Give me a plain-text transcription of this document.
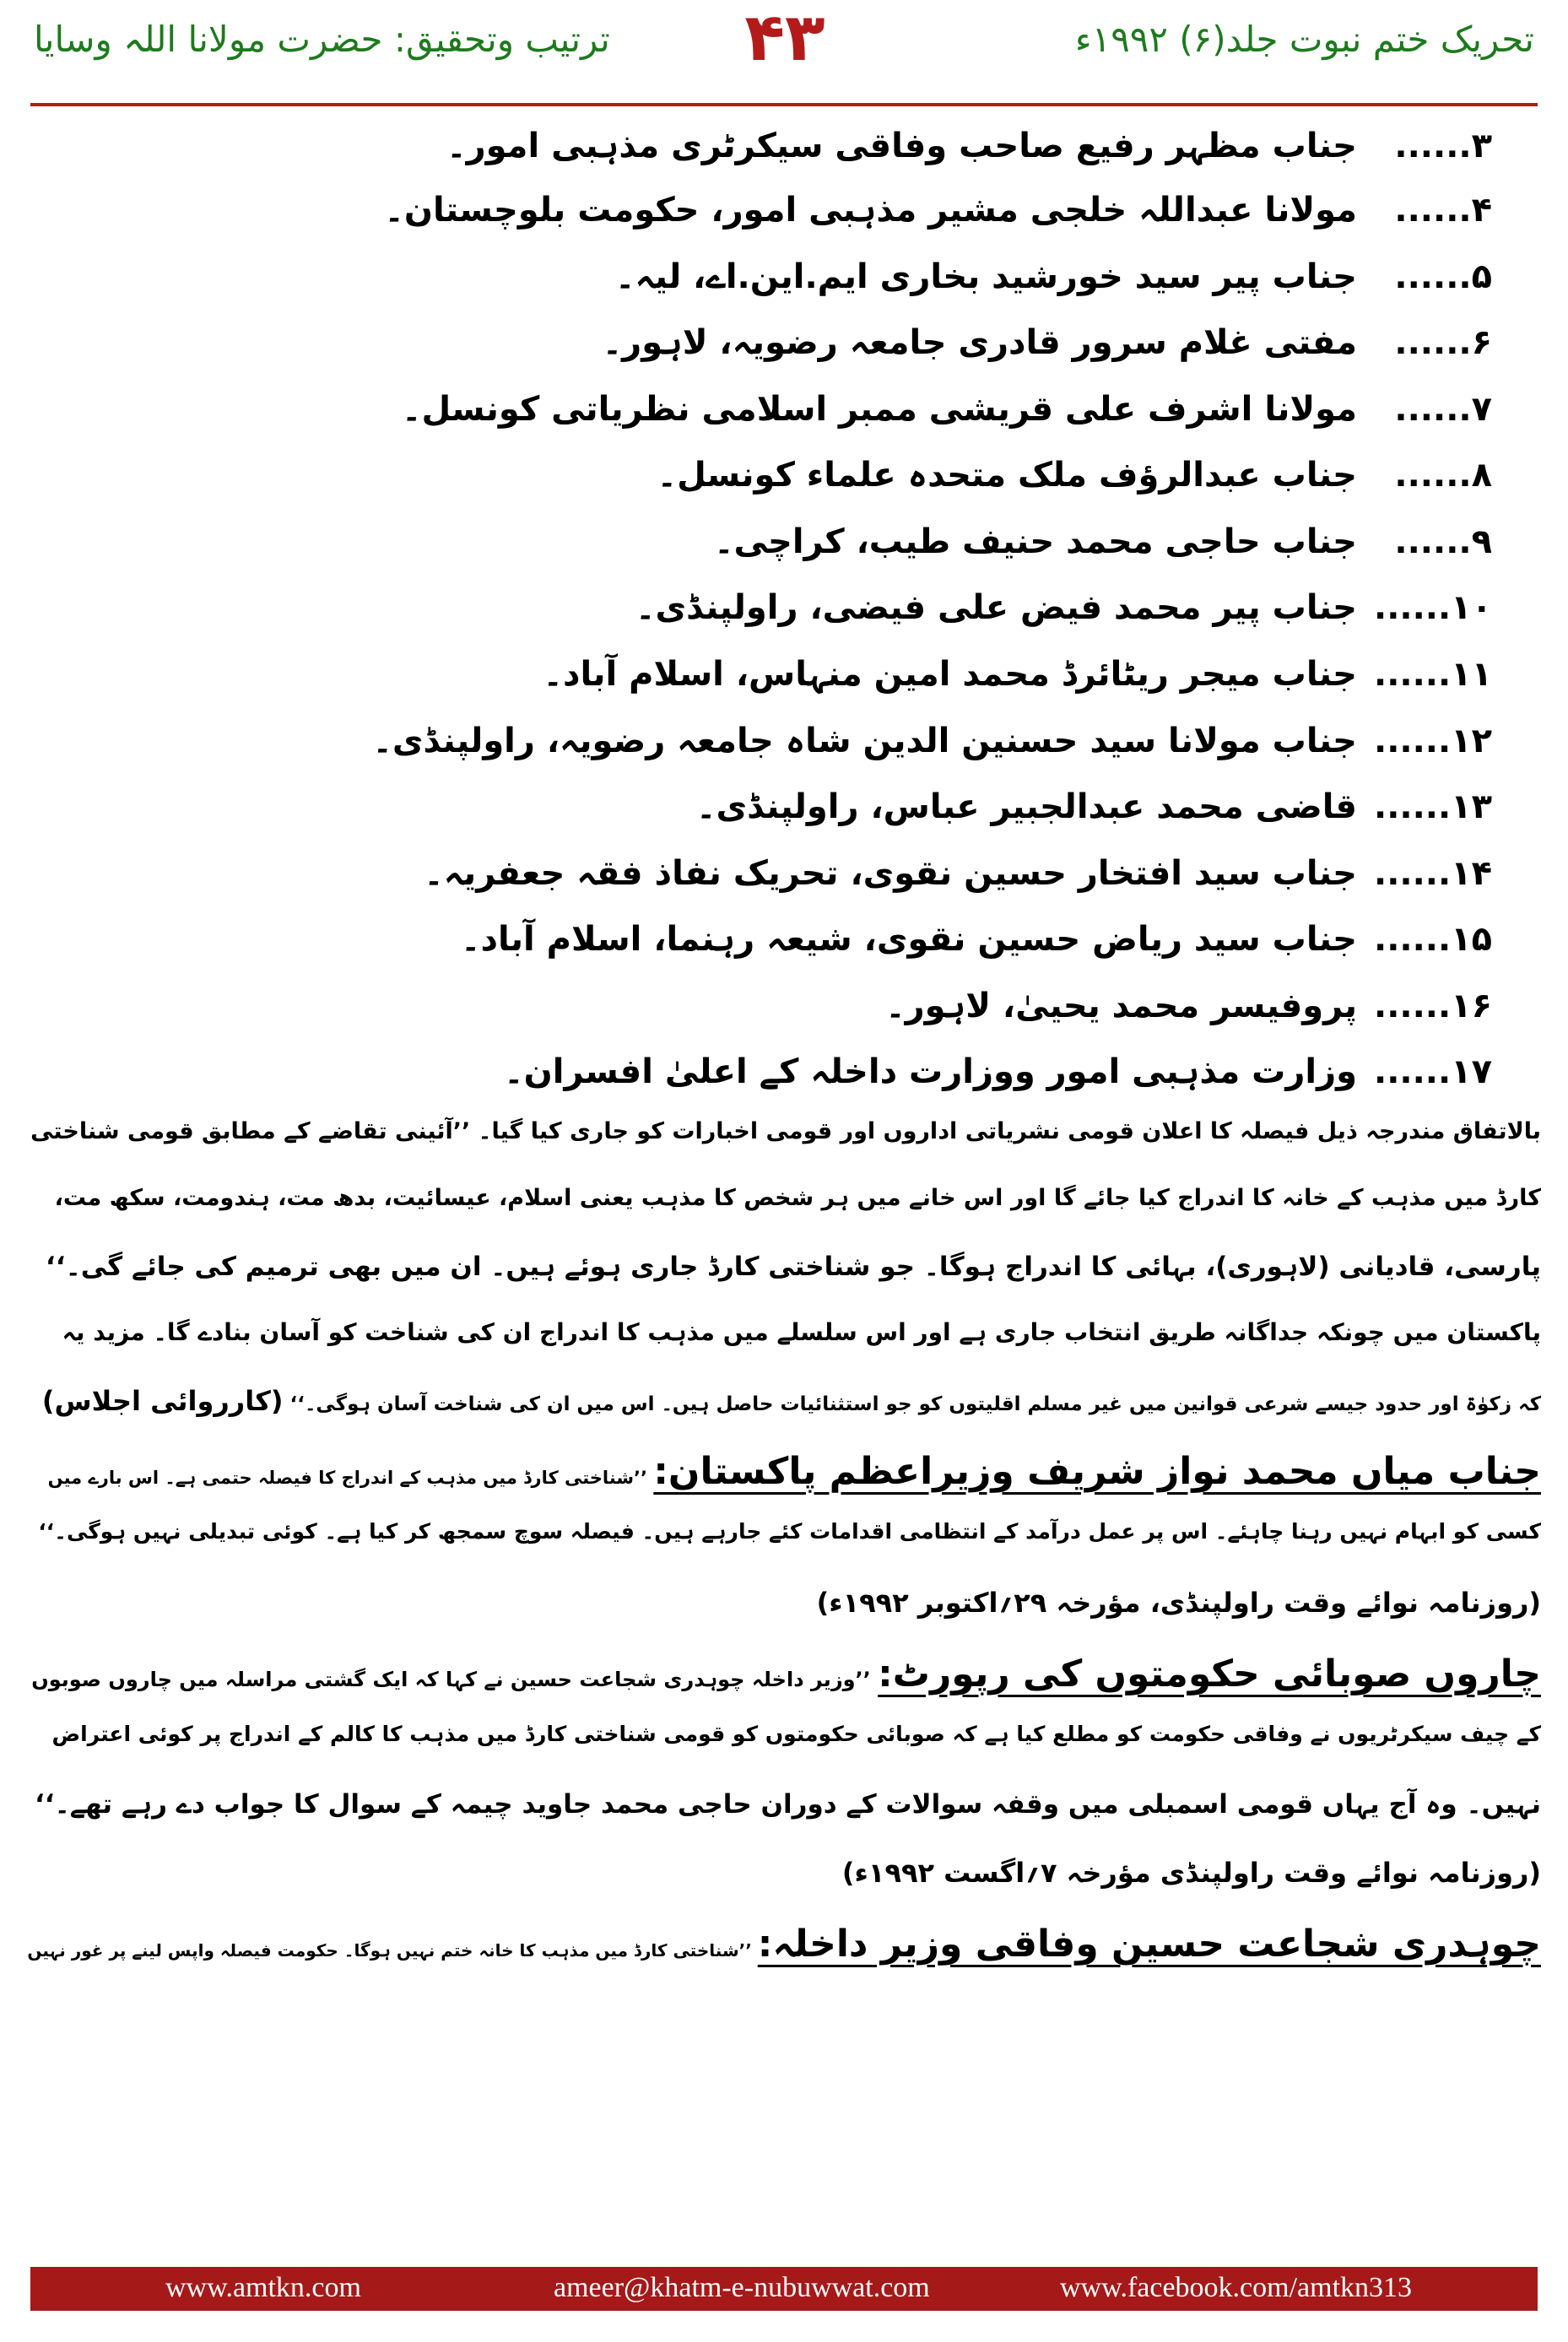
تحریک ختم نبوت جلد(۶) ۱۹۹۲ء
۴۳
ترتیب وتحقیق: حضرت مولانا اللہ وسایا
۳......
جناب مظہر رفیع صاحب وفاقی سیکرٹری مذہبی امور۔
۴......
مولانا عبداللہ خلجی مشیر مذہبی امور، حکومت بلوچستان۔
۵......
جناب پیر سید خورشید بخاری ایم.این.اے، لیہ۔
۶......
مفتی غلام سرور قادری جامعہ رضویہ، لاہور۔
۷......
مولانا اشرف علی قریشی ممبر اسلامی نظریاتی کونسل۔
۸......
جناب عبدالرؤف ملک متحدہ علماء کونسل۔
۹......
جناب حاجی محمد حنیف طیب، کراچی۔
۱۰......
جناب پیر محمد فیض علی فیضی، راولپنڈی۔
۱۱......
جناب میجر ریٹائرڈ محمد امین منہاس، اسلام آباد۔
۱۲......
جناب مولانا سید حسنین الدین شاہ جامعہ رضویہ، راولپنڈی۔
۱۳......
قاضی محمد عبدالجبیر عباس، راولپنڈی۔
۱۴......
جناب سید افتخار حسین نقوی، تحریک نفاذ فقہ جعفریہ۔
۱۵......
جناب سید ریاض حسین نقوی، شیعہ رہنما، اسلام آباد۔
۱۶......
پروفیسر محمد یحییٰ، لاہور۔
۱۷......
وزارت مذہبی امور ووزارت داخلہ کے اعلیٰ افسران۔
بالاتفاق مندرجہ ذیل فیصلہ کا اعلان قومی نشریاتی اداروں اور قومی اخبارات کو جاری کیا گیا۔ ’’آئینی تقاضے کے مطابق قومی شناختی
کارڈ میں مذہب کے خانہ کا اندراج کیا جائے گا اور اس خانے میں ہر شخص کا مذہب یعنی اسلام، عیسائیت، بدھ مت، ہندومت، سکھ مت،
پارسی، قادیانی (لاہوری)، بہائی کا اندراج ہوگا۔ جو شناختی کارڈ جاری ہوئے ہیں۔ ان میں بھی ترمیم کی جائے گی۔‘‘
پاکستان میں چونکہ جداگانہ طریق انتخاب جاری ہے اور اس سلسلے میں مذہب کا اندراج ان کی شناخت کو آسان بنادے گا۔ مزید یہ
کہ زکوٰۃ اور حدود جیسے شرعی قوانین میں غیر مسلم اقلیتوں کو جو استثنائیات حاصل ہیں۔ اس میں ان کی شناخت آسان ہوگی۔‘‘ (کارروائی اجلاس)
جناب میاں محمد نواز شریف وزیراعظم پاکستان: ’’شناختی کارڈ میں مذہب کے اندراج کا فیصلہ حتمی ہے۔ اس بارے میں
کسی کو ابہام نہیں رہنا چاہئے۔ اس پر عمل درآمد کے انتظامی اقدامات کئے جارہے ہیں۔ فیصلہ سوچ سمجھ کر کیا ہے۔ کوئی تبدیلی نہیں ہوگی۔‘‘
(روزنامہ نوائے وقت راولپنڈی، مؤرخہ ۲۹؍اکتوبر ۱۹۹۲ء)
چاروں صوبائی حکومتوں کی رپورٹ: ’’وزیر داخلہ چوہدری شجاعت حسین نے کہا کہ ایک گشتی مراسلہ میں چاروں صوبوں
کے چیف سیکرٹریوں نے وفاقی حکومت کو مطلع کیا ہے کہ صوبائی حکومتوں کو قومی شناختی کارڈ میں مذہب کا کالم کے اندراج پر کوئی اعتراض
نہیں۔ وہ آج یہاں قومی اسمبلی میں وقفہ سوالات کے دوران حاجی محمد جاوید چیمہ کے سوال کا جواب دے رہے تھے۔‘‘
(روزنامہ نوائے وقت راولپنڈی مؤرخہ ۷؍اگست ۱۹۹۲ء)
چوہدری شجاعت حسین وفاقی وزیر داخلہ: ’’شناختی کارڈ میں مذہب کا خانہ ختم نہیں ہوگا۔ حکومت فیصلہ واپس لینے پر غور نہیں
www.amtkn.com	ameer@khatm-e-nubuwwat.com	www.facebook.com/amtkn313
